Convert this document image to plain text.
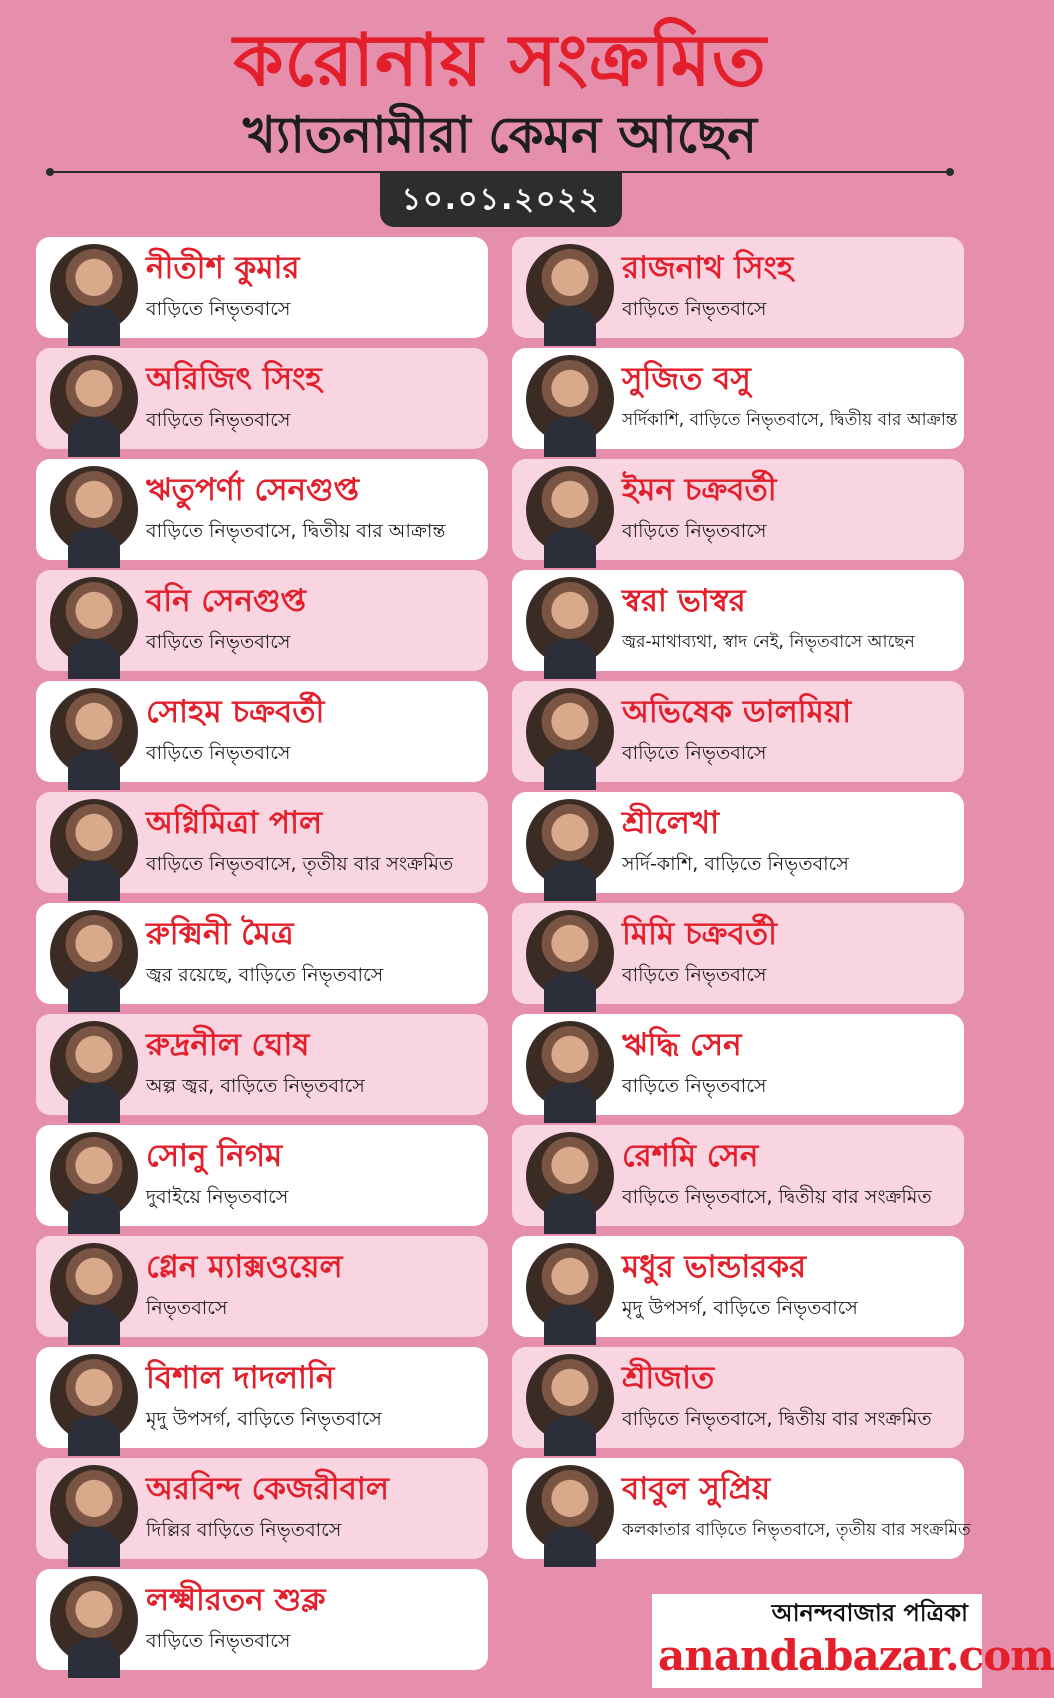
করোনায় সংক্রমিত
খ্যাতনামীরা কেমন আছেন
১০.০১.২০২২
নীতীশ কুমার
বাড়িতে নিভৃতবাসে
অরিজিৎ সিংহ
বাড়িতে নিভৃতবাসে
ঋতুপর্ণা সেনগুপ্ত
বাড়িতে নিভৃতবাসে, দ্বিতীয় বার আক্রান্ত
বনি সেনগুপ্ত
বাড়িতে নিভৃতবাসে
সোহম চক্রবর্তী
বাড়িতে নিভৃতবাসে
অগ্নিমিত্রা পাল
বাড়িতে নিভৃতবাসে, তৃতীয় বার সংক্রমিত
রুক্মিনী মৈত্র
জ্বর রয়েছে, বাড়িতে নিভৃতবাসে
রুদ্রনীল ঘোষ
অল্প জ্বর, বাড়িতে নিভৃতবাসে
সোনু নিগম
দুবাইয়ে নিভৃতবাসে
গ্লেন ম্যাক্সওয়েল
নিভৃতবাসে
বিশাল দাদলানি
মৃদু উপসর্গ, বাড়িতে নিভৃতবাসে
অরবিন্দ কেজরীবাল
দিল্লির বাড়িতে নিভৃতবাসে
লক্ষ্মীরতন শুক্ল
বাড়িতে নিভৃতবাসে
রাজনাথ সিংহ
বাড়িতে নিভৃতবাসে
সুজিত বসু
সর্দিকাশি, বাড়িতে নিভৃতবাসে, দ্বিতীয় বার আক্রান্ত
ইমন চক্রবর্তী
বাড়িতে নিভৃতবাসে
স্বরা ভাস্বর
জ্বর-মাথাব্যথা, স্বাদ নেই, নিভৃতবাসে আছেন
অভিষেক ডালমিয়া
বাড়িতে নিভৃতবাসে
শ্রীলেখা
সর্দি-কাশি, বাড়িতে নিভৃতবাসে
মিমি চক্রবর্তী
বাড়িতে নিভৃতবাসে
ঋদ্ধি সেন
বাড়িতে নিভৃতবাসে
রেশমি সেন
বাড়িতে নিভৃতবাসে, দ্বিতীয় বার সংক্রমিত
মধুর ভান্ডারকর
মৃদু উপসর্গ, বাড়িতে নিভৃতবাসে
শ্রীজাত
বাড়িতে নিভৃতবাসে, দ্বিতীয় বার সংক্রমিত
বাবুল সুপ্রিয়
কলকাতার বাড়িতে নিভৃতবাসে, তৃতীয় বার সংক্রমিত
আনন্দবাজার পত্রিকা
anandabazar.com
